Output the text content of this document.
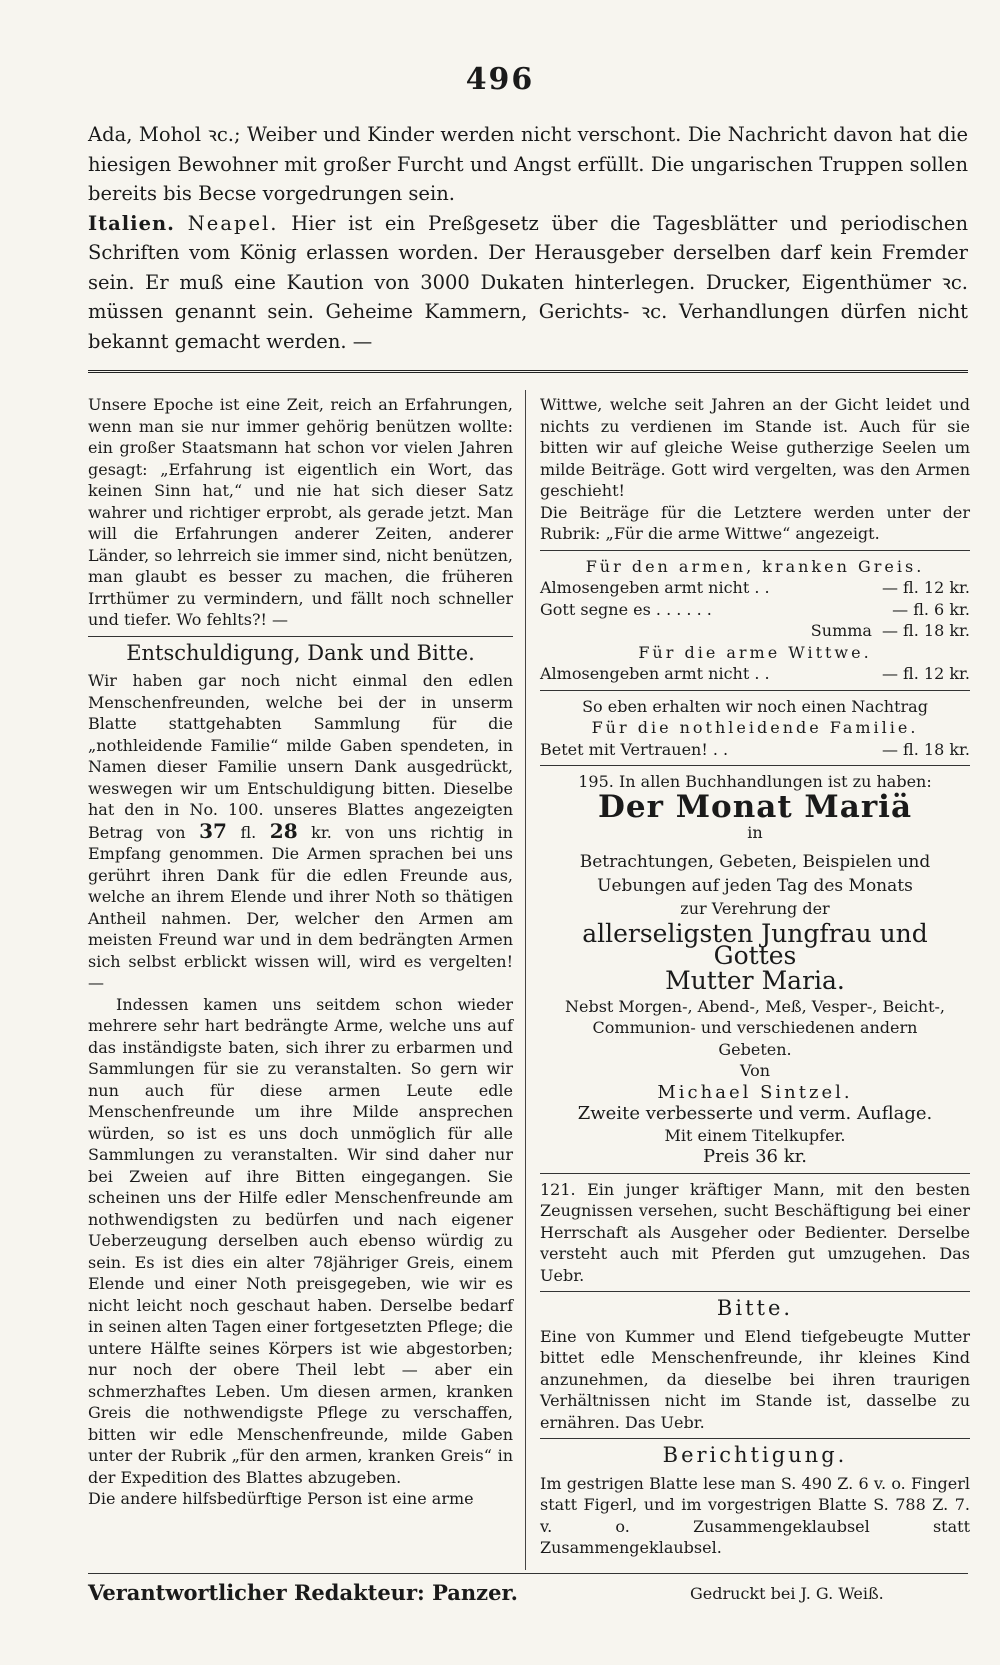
496

Ada, Mohol ꝛc.; Weiber und Kinder werden nicht verschont. Die Nachricht davon hat die hiesigen Bewohner mit großer Furcht und Angst erfüllt. Die ungarischen Truppen sollen bereits bis Becse vorgedrungen sein.

Italien. Neapel. Hier ist ein Preßgesetz über die Tagesblätter und periodischen Schriften vom König erlassen worden. Der Herausgeber derselben darf kein Fremder sein. Er muß eine Kaution von 3000 Dukaten hinterlegen. Drucker, Eigenthümer ꝛc. müssen genannt sein. Geheime Kammern, Gerichts- ꝛc. Verhandlungen dürfen nicht bekannt gemacht werden. —

Unsere Epoche ist eine Zeit, reich an Erfahrungen, wenn man sie nur immer gehörig benützen wollte: ein großer Staatsmann hat schon vor vielen Jahren gesagt: „Erfahrung ist eigentlich ein Wort, das keinen Sinn hat,“ und nie hat sich dieser Satz wahrer und richtiger erprobt, als gerade jetzt. Man will die Erfahrungen anderer Zeiten, anderer Länder, so lehrreich sie immer sind, nicht benützen, man glaubt es besser zu machen, die früheren Irrthümer zu vermindern, und fällt noch schneller und tiefer. Wo fehlts?! —

Entschuldigung, Dank und Bitte.

Wir haben gar noch nicht einmal den edlen Menschenfreunden, welche bei der in unserm Blatte stattgehabten Sammlung für die „nothleidende Familie“ milde Gaben spendeten, in Namen dieser Familie unsern Dank ausgedrückt, weswegen wir um Entschuldigung bitten. Dieselbe hat den in No. 100. unseres Blattes angezeigten Betrag von 37 fl. 28 kr. von uns richtig in Empfang genommen. Die Armen sprachen bei uns gerührt ihren Dank für die edlen Freunde aus, welche an ihrem Elende und ihrer Noth so thätigen Antheil nahmen. Der, welcher den Armen am meisten Freund war und in dem bedrängten Armen sich selbst erblickt wissen will, wird es vergelten! —

Indessen kamen uns seitdem schon wieder mehrere sehr hart bedrängte Arme, welche uns auf das inständigste baten, sich ihrer zu erbarmen und Sammlungen für sie zu veranstalten. So gern wir nun auch für diese armen Leute edle Menschenfreunde um ihre Milde ansprechen würden, so ist es uns doch unmöglich für alle Sammlungen zu veranstalten. Wir sind daher nur bei Zweien auf ihre Bitten eingegangen. Sie scheinen uns der Hilfe edler Menschenfreunde am nothwendigsten zu bedürfen und nach eigener Ueberzeugung derselben auch ebenso würdig zu sein. Es ist dies ein alter 78jähriger Greis, einem Elende und einer Noth preisgegeben, wie wir es nicht leicht noch geschaut haben. Derselbe bedarf in seinen alten Tagen einer fortgesetzten Pflege; die untere Hälfte seines Körpers ist wie abgestorben; nur noch der obere Theil lebt — aber ein schmerzhaftes Leben. Um diesen armen, kranken Greis die nothwendigste Pflege zu verschaffen, bitten wir edle Menschenfreunde, milde Gaben unter der Rubrik „für den armen, kranken Greis“ in der Expedition des Blattes abzugeben.

Die andere hilfsbedürftige Person ist eine arme

Wittwe, welche seit Jahren an der Gicht leidet und nichts zu verdienen im Stande ist. Auch für sie bitten wir auf gleiche Weise gutherzige Seelen um milde Beiträge. Gott wird vergelten, was den Armen geschieht!

Die Beiträge für die Letztere werden unter der Rubrik: „Für die arme Wittwe“ angezeigt.

Für den armen, kranken Greis.
Almosengeben armt nicht . .	— fl. 12 kr.
Gott segne es . . . . . .	— fl. 6 kr.
Summa — fl. 18 kr.
Für die arme Wittwe.
Almosengeben armt nicht . .	— fl. 12 kr.
So eben erhalten wir noch einen Nachtrag
Für die nothleidende Familie.
Betet mit Vertrauen! . .	— fl. 18 kr.
195. In allen Buchhandlungen ist zu haben:
Der Monat Mariä
in
Betrachtungen, Gebeten, Beispielen und Uebungen auf jeden Tag des Monats
zur Verehrung der
allerseligsten Jungfrau und Gottes
Mutter Maria.
Nebst Morgen-, Abend-, Meß, Vesper-, Beicht-, Communion- und verschiedenen andern Gebeten.
Von
Michael Sintzel.
Zweite verbesserte und verm. Auflage.
Mit einem Titelkupfer.
Preis 36 kr.

121. Ein junger kräftiger Mann, mit den besten Zeugnissen versehen, sucht Beschäftigung bei einer Herrschaft als Ausgeher oder Bedienter. Derselbe versteht auch mit Pferden gut umzugehen. Das Uebr.

Bitte.

Eine von Kummer und Elend tiefgebeugte Mutter bittet edle Menschenfreunde, ihr kleines Kind anzunehmen, da dieselbe bei ihren traurigen Verhältnissen nicht im Stande ist, dasselbe zu ernähren. Das Uebr.

Berichtigung.

Im gestrigen Blatte lese man S. 490 Z. 6 v. o. Fingerl statt Figerl, und im vorgestrigen Blatte S. 788 Z. 7. v. o. Zusammengeklaubsel statt Zusammengeklaubsel.

Verantwortlicher Redakteur: Panzer.	Gedruckt bei J. G. Weiß.
